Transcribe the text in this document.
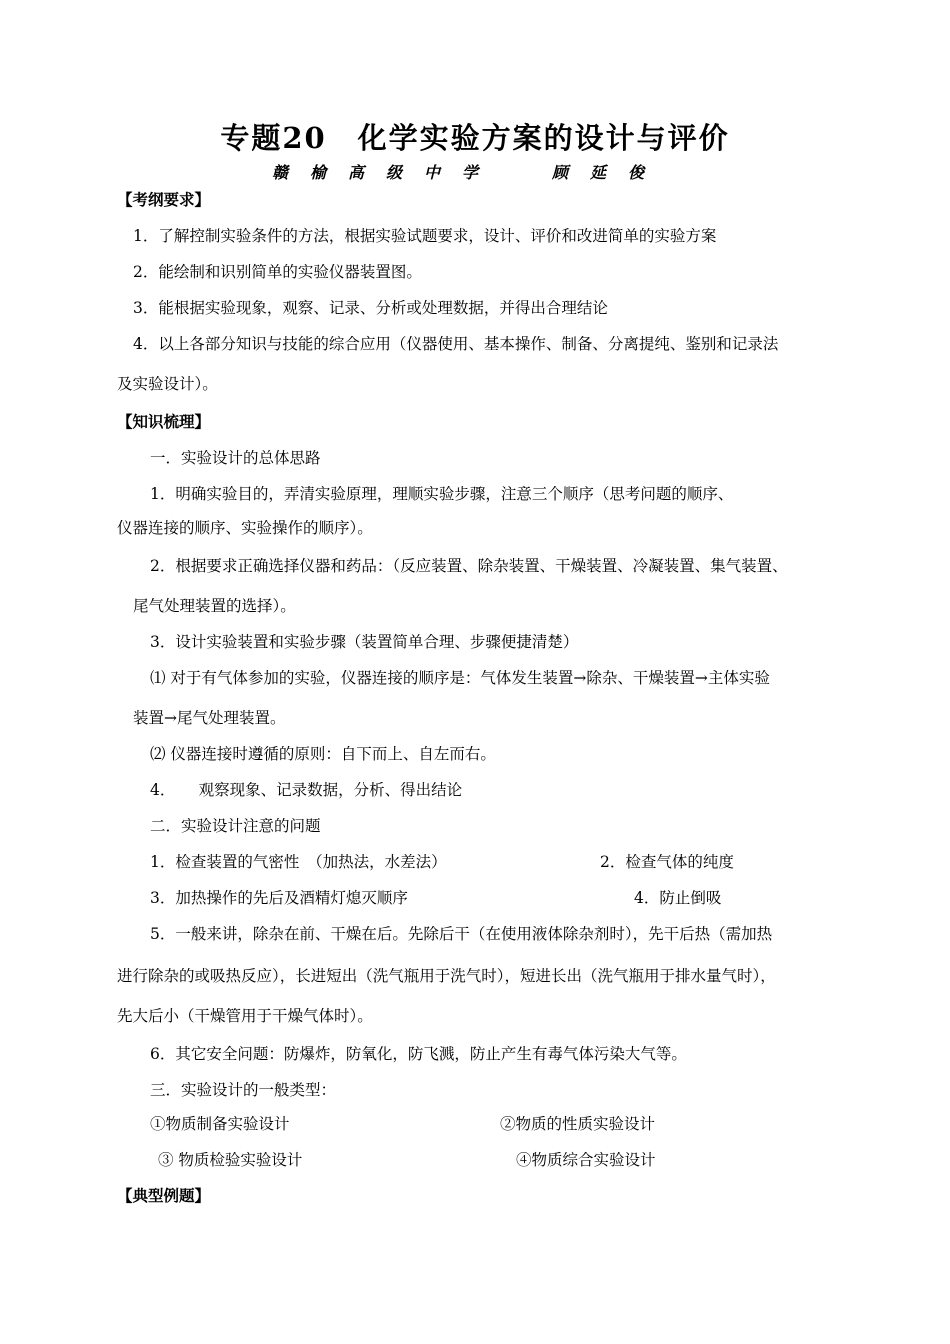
专题20　化学实验方案的设计与评价
赣榆高级中学	顾延俊
【考纲要求】
1．了解控制实验条件的方法，根据实验试题要求，设计、评价和改进简单的实验方案
2．能绘制和识别简单的实验仪器装置图。
3．能根据实验现象，观察、记录、分析或处理数据，并得出合理结论
4．以上各部分知识与技能的综合应用（仪器使用、基本操作、制备、分离提纯、鉴别和记录法
及实验设计）。
【知识梳理】
一．实验设计的总体思路
1．明确实验目的，弄清实验原理，理顺实验步骤，注意三个顺序（思考问题的顺序、
仪器连接的顺序、实验操作的顺序）。
2．根据要求正确选择仪器和药品：（反应装置、除杂装置、干燥装置、冷凝装置、集气装置、
尾气处理装置的选择）。
3．设计实验装置和实验步骤（装置简单合理、步骤便捷清楚）
⑴ 对于有气体参加的实验，仪器连接的顺序是：气体发生装置→除杂、干燥装置→主体实验
装置→尾气处理装置。
⑵ 仪器连接时遵循的原则：自下而上、自左而右。
4．　　观察现象、记录数据，分析、得出结论
二．实验设计注意的问题
1．检查装置的气密性　（加热法，水差法）	2．检查气体的纯度
3．加热操作的先后及酒精灯熄灭顺序	4．防止倒吸
5．一般来讲，除杂在前、干燥在后。先除后干（在使用液体除杂剂时），先干后热（需加热
进行除杂的或吸热反应），长进短出（洗气瓶用于洗气时），短进长出（洗气瓶用于排水量气时），
先大后小（干燥管用于干燥气体时）。
6．其它安全问题：防爆炸，防氧化，防飞溅，防止产生有毒气体污染大气等。
三．实验设计的一般类型：
①物质制备实验设计	②物质的性质实验设计
③ 物质检验实验设计	④物质综合实验设计
【典型例题】
